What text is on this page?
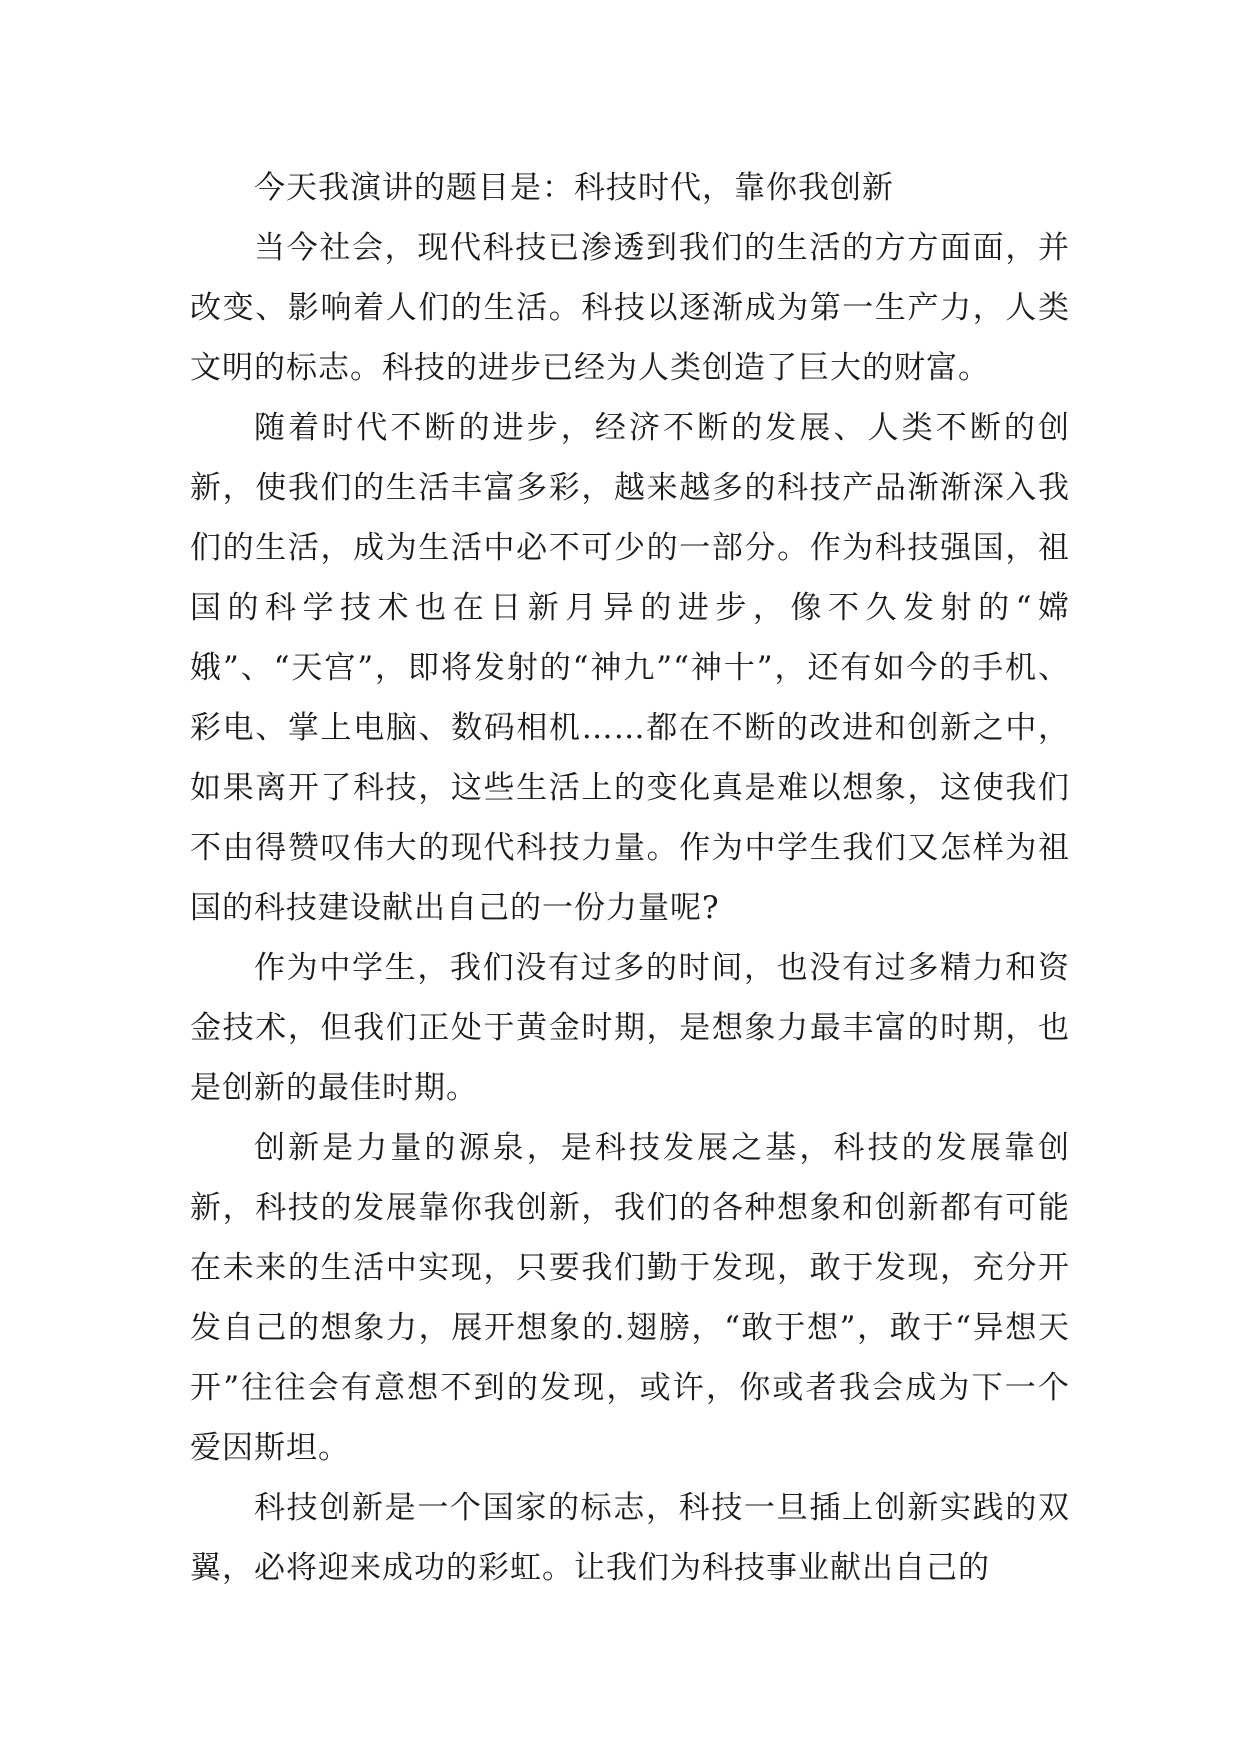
今天我演讲的题目是：科技时代，靠你我创新

当今社会，现代科技已渗透到我们的生活的方方面面，并改变、影响着人们的生活。科技以逐渐成为第一生产力，人类文明的标志。科技的进步已经为人类创造了巨大的财富。

随着时代不断的进步，经济不断的发展、人类不断的创新，使我们的生活丰富多彩，越来越多的科技产品渐渐深入我们的生活，成为生活中必不可少的一部分。作为科技强国，祖国的科学技术也在日新月异的进步，像不久发射的“嫦娥”、“天宫”，即将发射的“神九”“神十”，还有如今的手机、彩电、掌上电脑、数码相机……都在不断的改进和创新之中，如果离开了科技，这些生活上的变化真是难以想象，这使我们不由得赞叹伟大的现代科技力量。作为中学生我们又怎样为祖国的科技建设献出自己的一份力量呢?

作为中学生，我们没有过多的时间，也没有过多精力和资金技术，但我们正处于黄金时期，是想象力最丰富的时期，也是创新的最佳时期。

创新是力量的源泉，是科技发展之基，科技的发展靠创新，科技的发展靠你我创新，我们的各种想象和创新都有可能在未来的生活中实现，只要我们勤于发现，敢于发现，充分开发自己的想象力，展开想象的.翅膀，“敢于想”，敢于“异想天开”往往会有意想不到的发现，或许，你或者我会成为下一个爱因斯坦。

科技创新是一个国家的标志，科技一旦插上创新实践的双翼，必将迎来成功的彩虹。让我们为科技事业献出自己的
